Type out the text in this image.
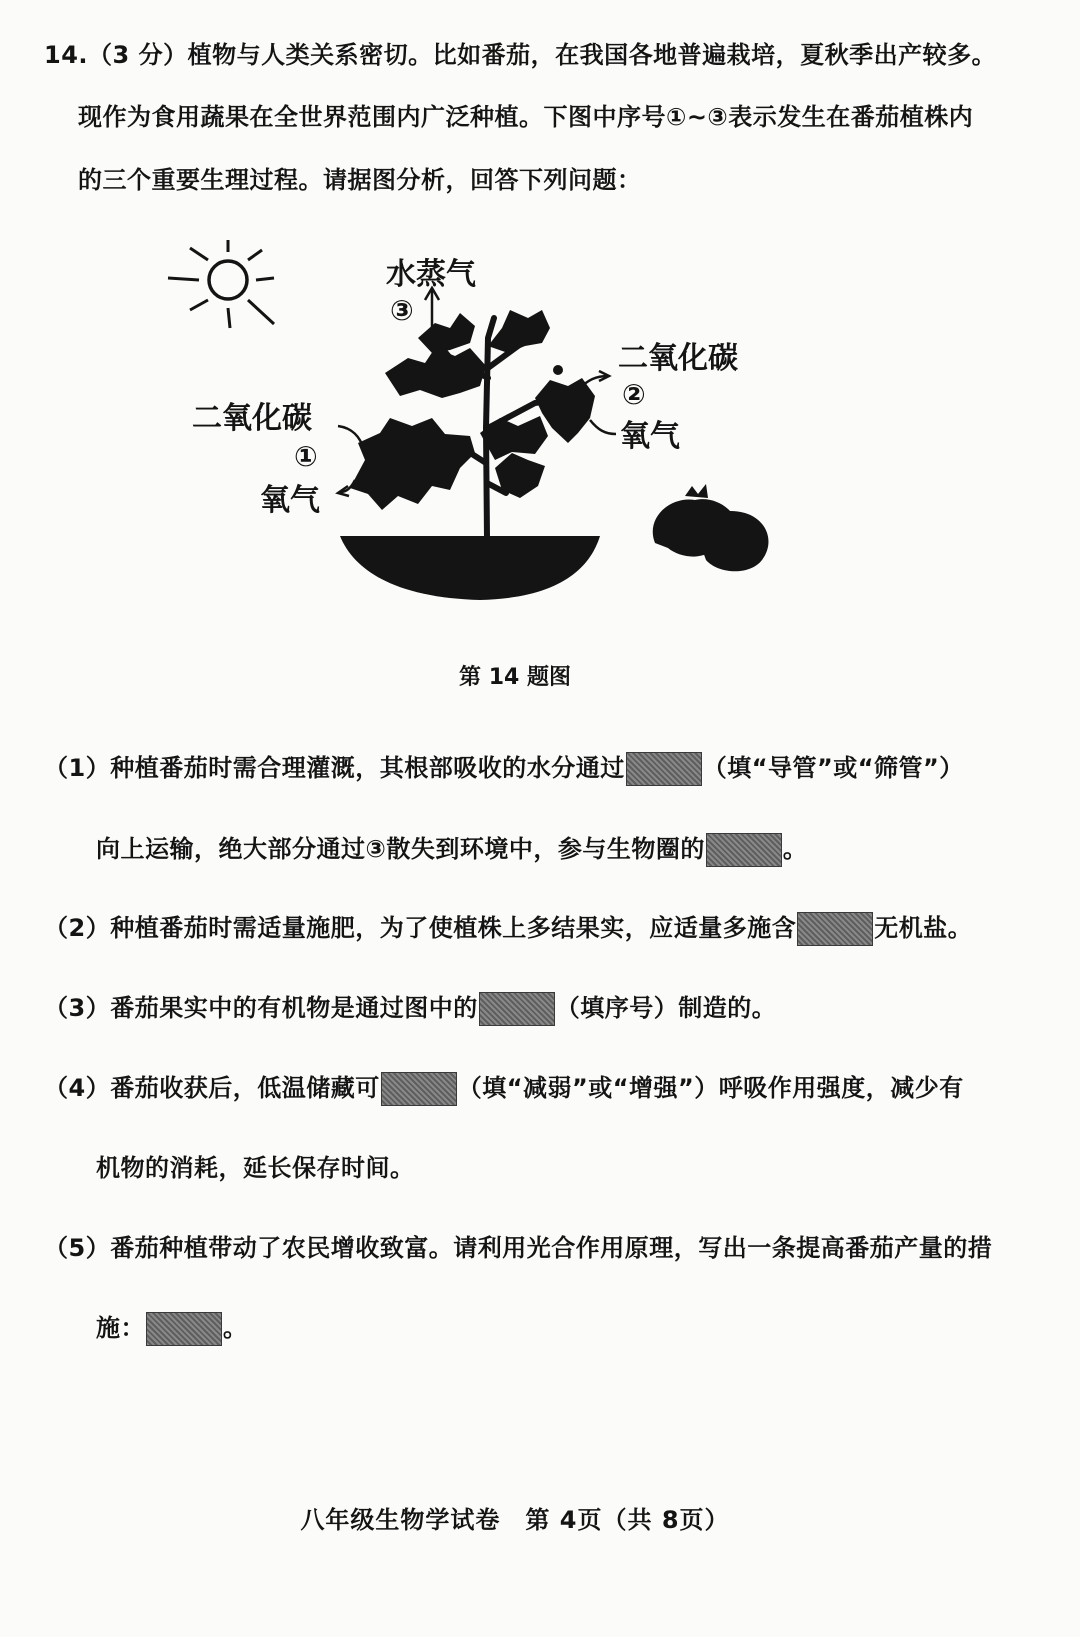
14.（3 分）植物与人类关系密切。比如番茄，在我国各地普遍栽培，夏秋季出产较多。
现作为食用蔬果在全世界范围内广泛种植。下图中序号①~③表示发生在番茄植株内
的三个重要生理过程。请据图分析，回答下列问题：
水蒸气
③
二氧化碳
②
氧气
二氧化碳
①
氧气
第 14 题图
（1）种植番茄时需合理灌溉，其根部吸收的水分通过	（填“导管”或“筛管”）
向上运输，绝大部分通过③散失到环境中，参与生物圈的	。
（2）种植番茄时需适量施肥，为了使植株上多结果实，应适量多施含	无机盐。
（3）番茄果实中的有机物是通过图中的	（填序号）制造的。
（4）番茄收获后，低温储藏可	（填“减弱”或“增强”）呼吸作用强度，减少有
机物的消耗，延长保存时间。
（5）番茄种植带动了农民增收致富。请利用光合作用原理，写出一条提高番茄产量的措
施：	。
八年级生物学试卷　第 4页（共 8页）
